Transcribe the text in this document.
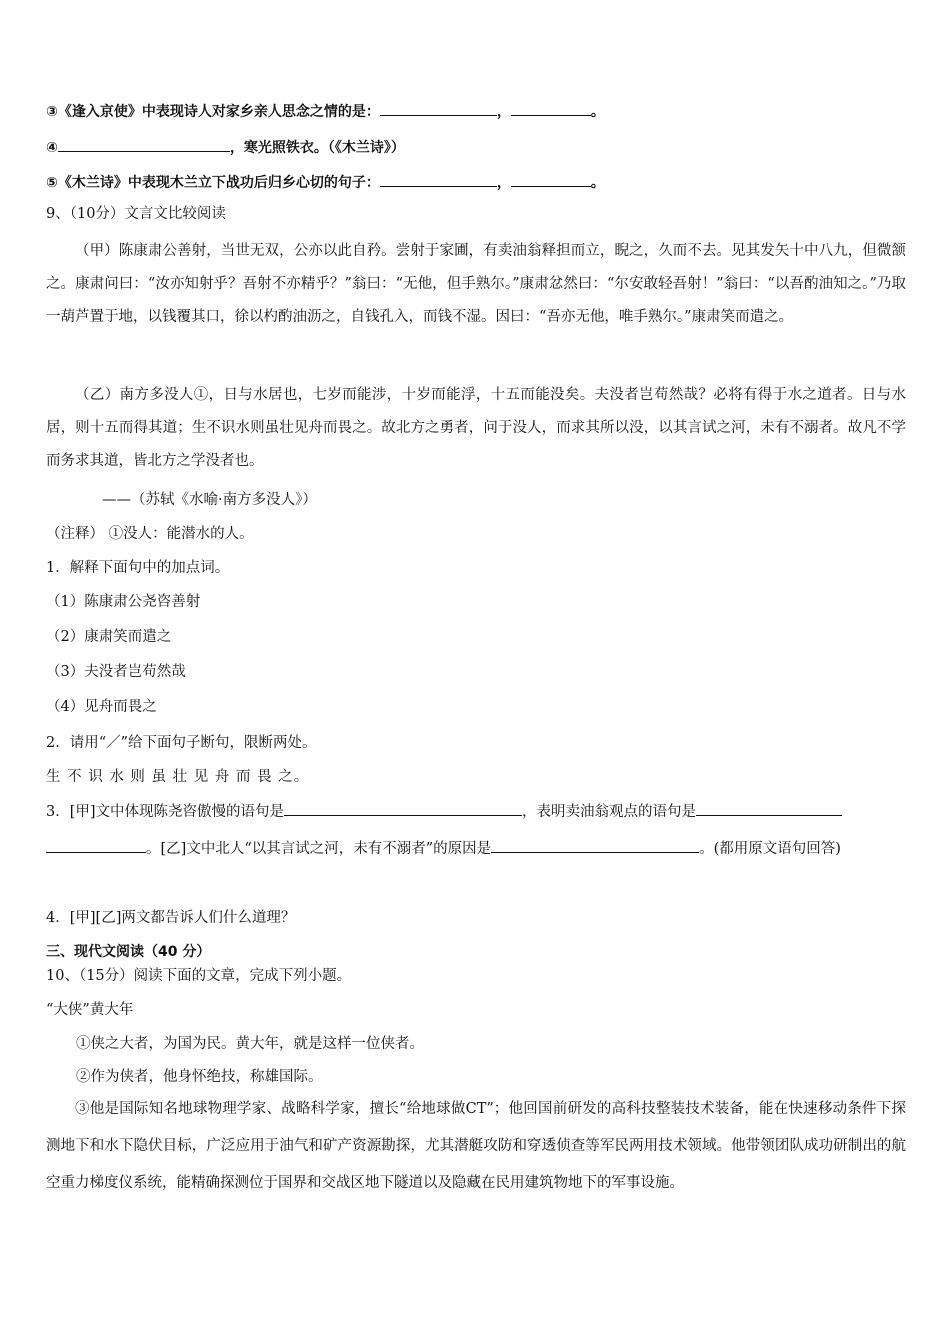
③《逢入京使》中表现诗人对家乡亲人思念之情的是：	，	。
④	，寒光照铁衣。（《木兰诗》）
⑤《木兰诗》中表现木兰立下战功后归乡心切的句子：	，	。
9、（10分）文言文比较阅读
（甲）陈康肃公善射，当世无双，公亦以此自矜。尝射于家圃，有卖油翁释担而立，睨之，久而不去。见其发矢十中八九，但微颔之。康肃问曰：“汝亦知射乎？吾射不亦精乎？”翁曰：“无他，但手熟尔。”康肃忿然曰：“尔安敢轻吾射！”翁曰：“以吾酌油知之。”乃取一葫芦置于地，以钱覆其口，徐以杓酌油沥之，自钱孔入，而钱不湿。因曰：“吾亦无他，唯手熟尔。”康肃笑而遣之。
（乙）南方多没人①，日与水居也，七岁而能涉，十岁而能浮，十五而能没矣。夫没者岂苟然哉？必将有得于水之道者。日与水居，则十五而得其道；生不识水则虽壮见舟而畏之。故北方之勇者，问于没人，而求其所以没，以其言试之河，未有不溺者。故凡不学而务求其道，皆北方之学没者也。
——（苏轼《水喻·南方多没人》）
（注释） ①没人：能潜水的人。
1．解释下面句中的加点词。
（1）陈康肃公尧咨善射
（2）康肃笑而遣之
（3）夫没者岂苟然哉
（4）见舟而畏之
2．请用“／”给下面句子断句，限断两处。
生 不 识 水 则 虽 壮 见 舟 而 畏 之。
3．[甲]文中体现陈尧咨傲慢的语句是	，表明卖油翁观点的语句是
。[乙]文中北人“以其言试之河，未有不溺者”的原因是	。(都用原文语句回答)
4．[甲][乙]两文都告诉人们什么道理？
三、现代文阅读（40 分）
10、（15分）阅读下面的文章，完成下列小题。
“大侠”黄大年
①侠之大者，为国为民。黄大年，就是这样一位侠者。
②作为侠者，他身怀绝技，称雄国际。
③他是国际知名地球物理学家、战略科学家，擅长“给地球做CT”；他回国前研发的高科技整装技术装备，能在快速移动条件下探测地下和水下隐伏目标，广泛应用于油气和矿产资源勘探，尤其潜艇攻防和穿透侦查等军民两用技术领域。他带领团队成功研制出的航空重力梯度仪系统，能精确探测位于国界和交战区地下隧道以及隐藏在民用建筑物地下的军事设施。
